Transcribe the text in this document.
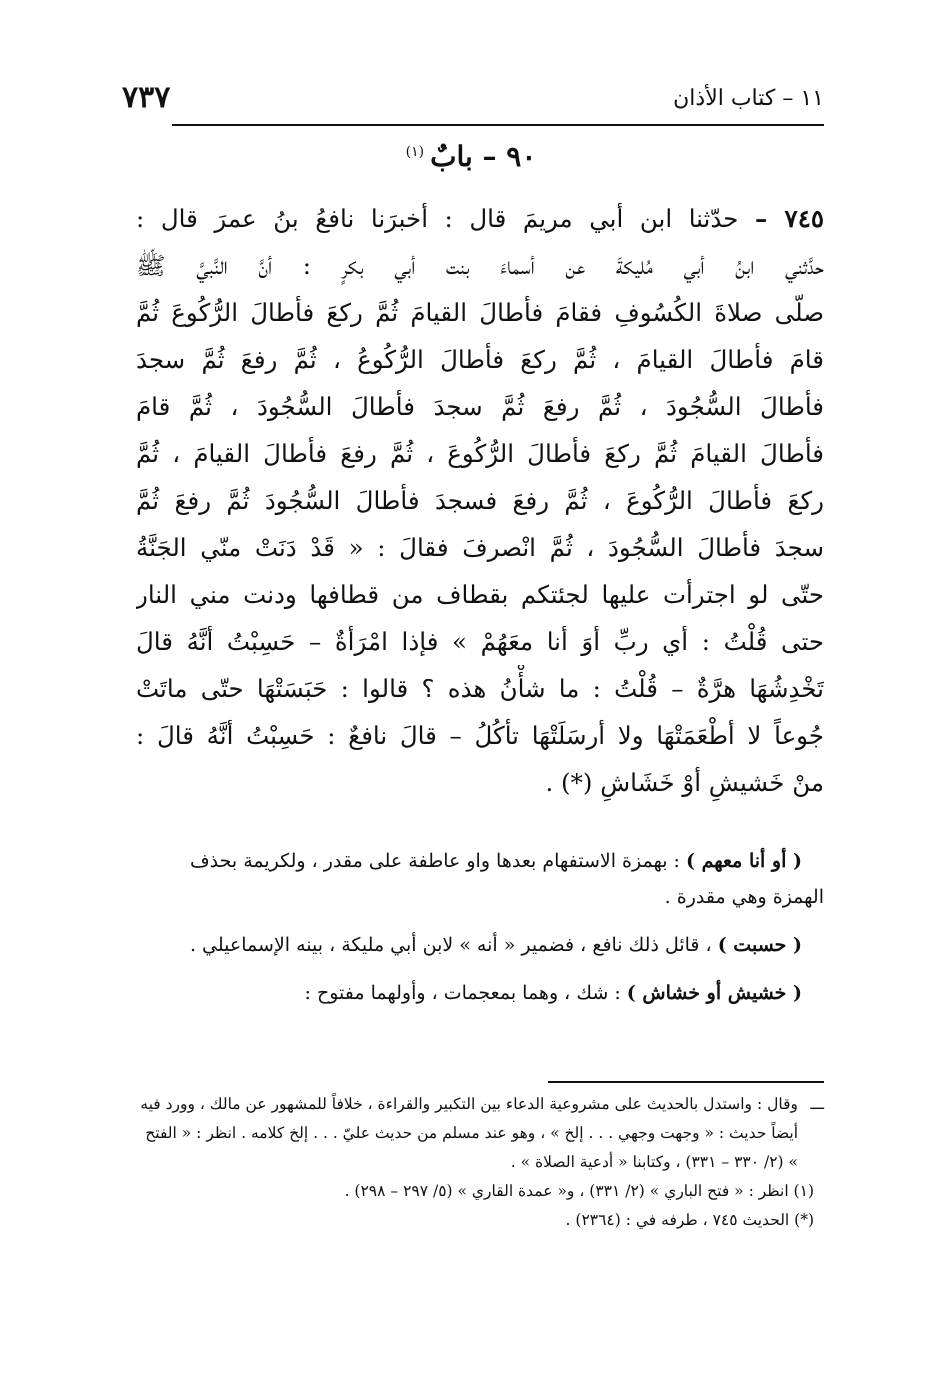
١١ – كتاب الأذان
٧٣٧
٩٠ – بابٌ$^{(١)}$
٧٤٥ – حدّثنا ابن أبي مريمَ قال : أخبرَنا نافعُ بنُ عمرَ قال :
حدَّثني ابنُ أبي مُليكةَ عن أسماءَ بنت أبي بكرٍ : أنَّ النَّبيَّ ﷺ
صلّى صلاةَ الكُسُوفِ فقامَ فأطالَ القيامَ ثُمَّ ركعَ فأطالَ الرُّكُوعَ ثُمَّ
قامَ فأطالَ القيامَ ، ثُمَّ ركعَ فأطالَ الرُّكُوعُ ، ثُمَّ رفعَ ثُمَّ سجدَ
فأطالَ السُّجُودَ ، ثُمَّ رفعَ ثُمَّ سجدَ فأطالَ السُّجُودَ ، ثُمَّ قامَ
فأطالَ القيامَ ثُمَّ ركعَ فأطالَ الرُّكُوعَ ، ثُمَّ رفعَ فأطالَ القيامَ ، ثُمَّ
ركعَ فأطالَ الرُّكُوعَ ، ثُمَّ رفعَ فسجدَ فأطالَ السُّجُودَ ثُمَّ رفعَ ثُمَّ
سجدَ فأطالَ السُّجُودَ ، ثُمَّ انْصرفَ فقالَ : « قَدْ دَنَتْ منّي الجَنَّةُ
حتّى لو اجترأت عليها لجئتكم بقطاف من قطافها ودنت مني النار
حتى قُلْتُ : أي ربِّ أوَ أنا معَهُمْ » فإذا امْرَأةٌ – حَسِبْتُ أنَّهُ قالَ
تَخْدِشُهَا هرَّةٌ – قُلْتُ : ما شأْنُ هذه ؟ قالوا : حَبَسَتْهَا حتّى ماتَتْ
جُوعاً لا أطْعَمَتْهَا ولا أرسَلَتْهَا تأكُلُ – قالَ نافعٌ : حَسِبْتُ أنَّهُ قالَ :
منْ خَشيشِ أوْ خَشَاشِ (*) .

( أو أنا معهم ) : بهمزة الاستفهام بعدها واو عاطفة على مقدر ، ولكريمة بحذف الهمزة وهي مقدرة .

( حسبت ) ، قائل ذلك نافع ، فضمير « أنه » لابن أبي مليكة ، بينه الإسماعيلي .

( خشيش أو خشاش ) : شك ، وهما بمعجمات ، وأولهما مفتوح :

ـــ
وقال : واستدل بالحديث على مشروعية الدعاء بين التكبير والقراءة ، خلافاً للمشهور عن مالك ، وورد فيه أيضاً حديث : « وجهت وجهي . . . إلخ » ، وهو عند مسلم من حديث عليّ . . . إلخ كلامه . انظر : « الفتح » (٢/ ٣٣٠ – ٣٣١) ، وكتابنا « أدعية الصلاة » .

(١) انظر : « فتح الباري » (٢/ ٣٣١) ، و« عمدة القاري » (٥/ ٢٩٧ – ٢٩٨) .

(*) الحديث ٧٤٥ ، طرفه في : (٢٣٦٤) .
